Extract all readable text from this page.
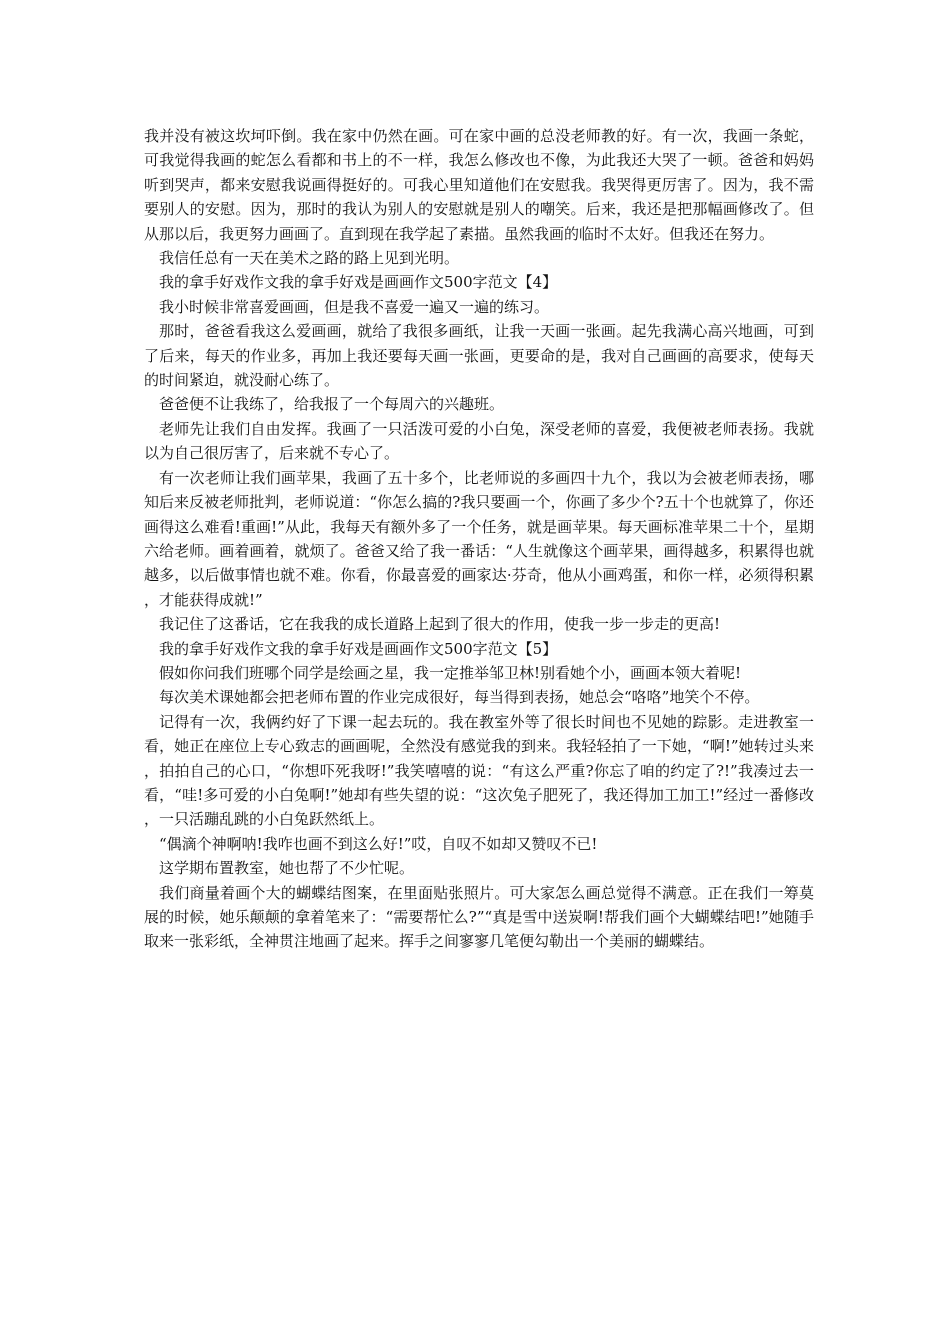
我并没有被这坎坷吓倒。我在家中仍然在画。可在家中画的总没老师教的好。有一次，我画一条蛇，可我觉得我画的蛇怎么看都和书上的不一样，我怎么修改也不像，为此我还大哭了一顿。爸爸和妈妈听到哭声，都来安慰我说画得挺好的。可我心里知道他们在安慰我。我哭得更厉害了。因为，我不需要别人的安慰。因为，那时的我认为别人的安慰就是别人的嘲笑。后来，我还是把那幅画修改了。但从那以后，我更努力画画了。直到现在我学起了素描。虽然我画的临时不太好。但我还在努力。

我信任总有一天在美术之路的路上见到光明。

我的拿手好戏作文我的拿手好戏是画画作文500字范文【4】

我小时候非常喜爱画画，但是我不喜爱一遍又一遍的练习。

那时，爸爸看我这么爱画画，就给了我很多画纸，让我一天画一张画。起先我满心高兴地画，可到了后来，每天的作业多，再加上我还要每天画一张画，更要命的是，我对自己画画的高要求，使每天的时间紧迫，就没耐心练了。

爸爸便不让我练了，给我报了一个每周六的兴趣班。

老师先让我们自由发挥。我画了一只活泼可爱的小白兔，深受老师的喜爱，我便被老师表扬。我就以为自己很厉害了，后来就不专心了。

有一次老师让我们画苹果，我画了五十多个，比老师说的多画四十九个，我以为会被老师表扬，哪知后来反被老师批判，老师说道：“你怎么搞的?我只要画一个，你画了多少个?五十个也就算了，你还画得这么难看!重画!”从此，我每天有额外多了一个任务，就是画苹果。每天画标准苹果二十个，星期六给老师。画着画着，就烦了。爸爸又给了我一番话：“人生就像这个画苹果，画得越多，积累得也就越多，以后做事情也就不难。你看，你最喜爱的画家达·芬奇，他从小画鸡蛋，和你一样，必须得积累，才能获得成就!”

我记住了这番话，它在我我的成长道路上起到了很大的作用，使我一步一步走的更高!

我的拿手好戏作文我的拿手好戏是画画作文500字范文【5】

假如你问我们班哪个同学是绘画之星，我一定推举邹卫林!别看她个小，画画本领大着呢!

每次美术课她都会把老师布置的作业完成很好，每当得到表扬，她总会“咯咯”地笑个不停。

记得有一次，我俩约好了下课一起去玩的。我在教室外等了很长时间也不见她的踪影。走进教室一看，她正在座位上专心致志的画画呢，全然没有感觉我的到来。我轻轻拍了一下她，“啊!”她转过头来，拍拍自己的心口，“你想吓死我呀!”我笑嘻嘻的说：“有这么严重?你忘了咱的约定了?!”我凑过去一看，“哇!多可爱的小白兔啊!”她却有些失望的说：“这次兔子肥死了，我还得加工加工!”经过一番修改，一只活蹦乱跳的小白兔跃然纸上。

“偶滴个神啊呐!我咋也画不到这么好!”哎，自叹不如却又赞叹不已!

这学期布置教室，她也帮了不少忙呢。

我们商量着画个大的蝴蝶结图案，在里面贴张照片。可大家怎么画总觉得不满意。正在我们一筹莫展的时候，她乐颠颠的拿着笔来了：“需要帮忙么?”“真是雪中送炭啊!帮我们画个大蝴蝶结吧!”她随手取来一张彩纸，全神贯注地画了起来。挥手之间寥寥几笔便勾勒出一个美丽的蝴蝶结。
